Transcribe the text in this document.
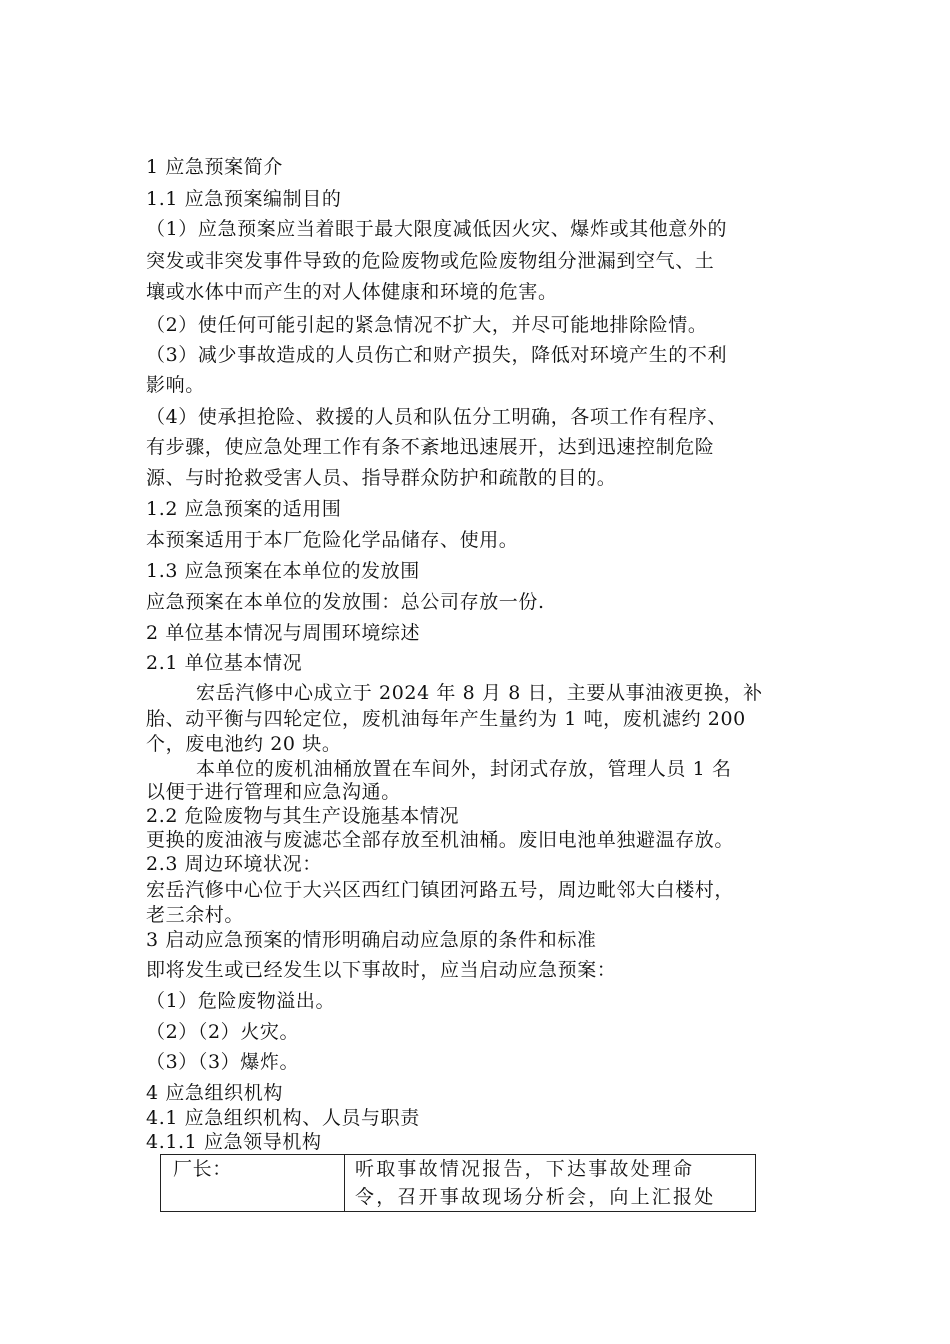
1 应急预案简介
1.1 应急预案编制目的
（1）应急预案应当着眼于最大限度减低因火灾、爆炸或其他意外的
突发或非突发事件导致的危险废物或危险废物组分泄漏到空气、土
壤或水体中而产生的对人体健康和环境的危害。
（2）使任何可能引起的紧急情况不扩大，并尽可能地排除险情。
（3）减少事故造成的人员伤亡和财产损失，降低对环境产生的不利
影响。
（4）使承担抢险、救援的人员和队伍分工明确，各项工作有程序、
有步骤，使应急处理工作有条不紊地迅速展开，达到迅速控制危险
源、与时抢救受害人员、指导群众防护和疏散的目的。
1.2 应急预案的适用围
本预案适用于本厂危险化学品储存、使用。
1.3 应急预案在本单位的发放围
应急预案在本单位的发放围：总公司存放一份.
2 单位基本情况与周围环境综述
2.1 单位基本情况
宏岳汽修中心成立于 2024 年 8 月 8 日，主要从事油液更换，补
胎、动平衡与四轮定位，废机油每年产生量约为 1 吨，废机滤约 200
个，废电池约 20 块。
本单位的废机油桶放置在车间外，封闭式存放，管理人员 1 名
以便于进行管理和应急沟通。
2.2 危险废物与其生产设施基本情况
更换的废油液与废滤芯全部存放至机油桶。废旧电池单独避温存放。
2.3 周边环境状况：
宏岳汽修中心位于大兴区西红门镇团河路五号，周边毗邻大白楼村，
老三余村。
3 启动应急预案的情形明确启动应急原的条件和标准
即将发生或已经发生以下事故时，应当启动应急预案：
（1）危险废物溢出。
（2）（2）火灾。
（3）（3）爆炸。
4 应急组织机构
4.1 应急组织机构、人员与职责
4.1.1 应急领导机构
厂长：	听取事故情况报告，下达事故处理命
令，召开事故现场分析会，向上汇报处
